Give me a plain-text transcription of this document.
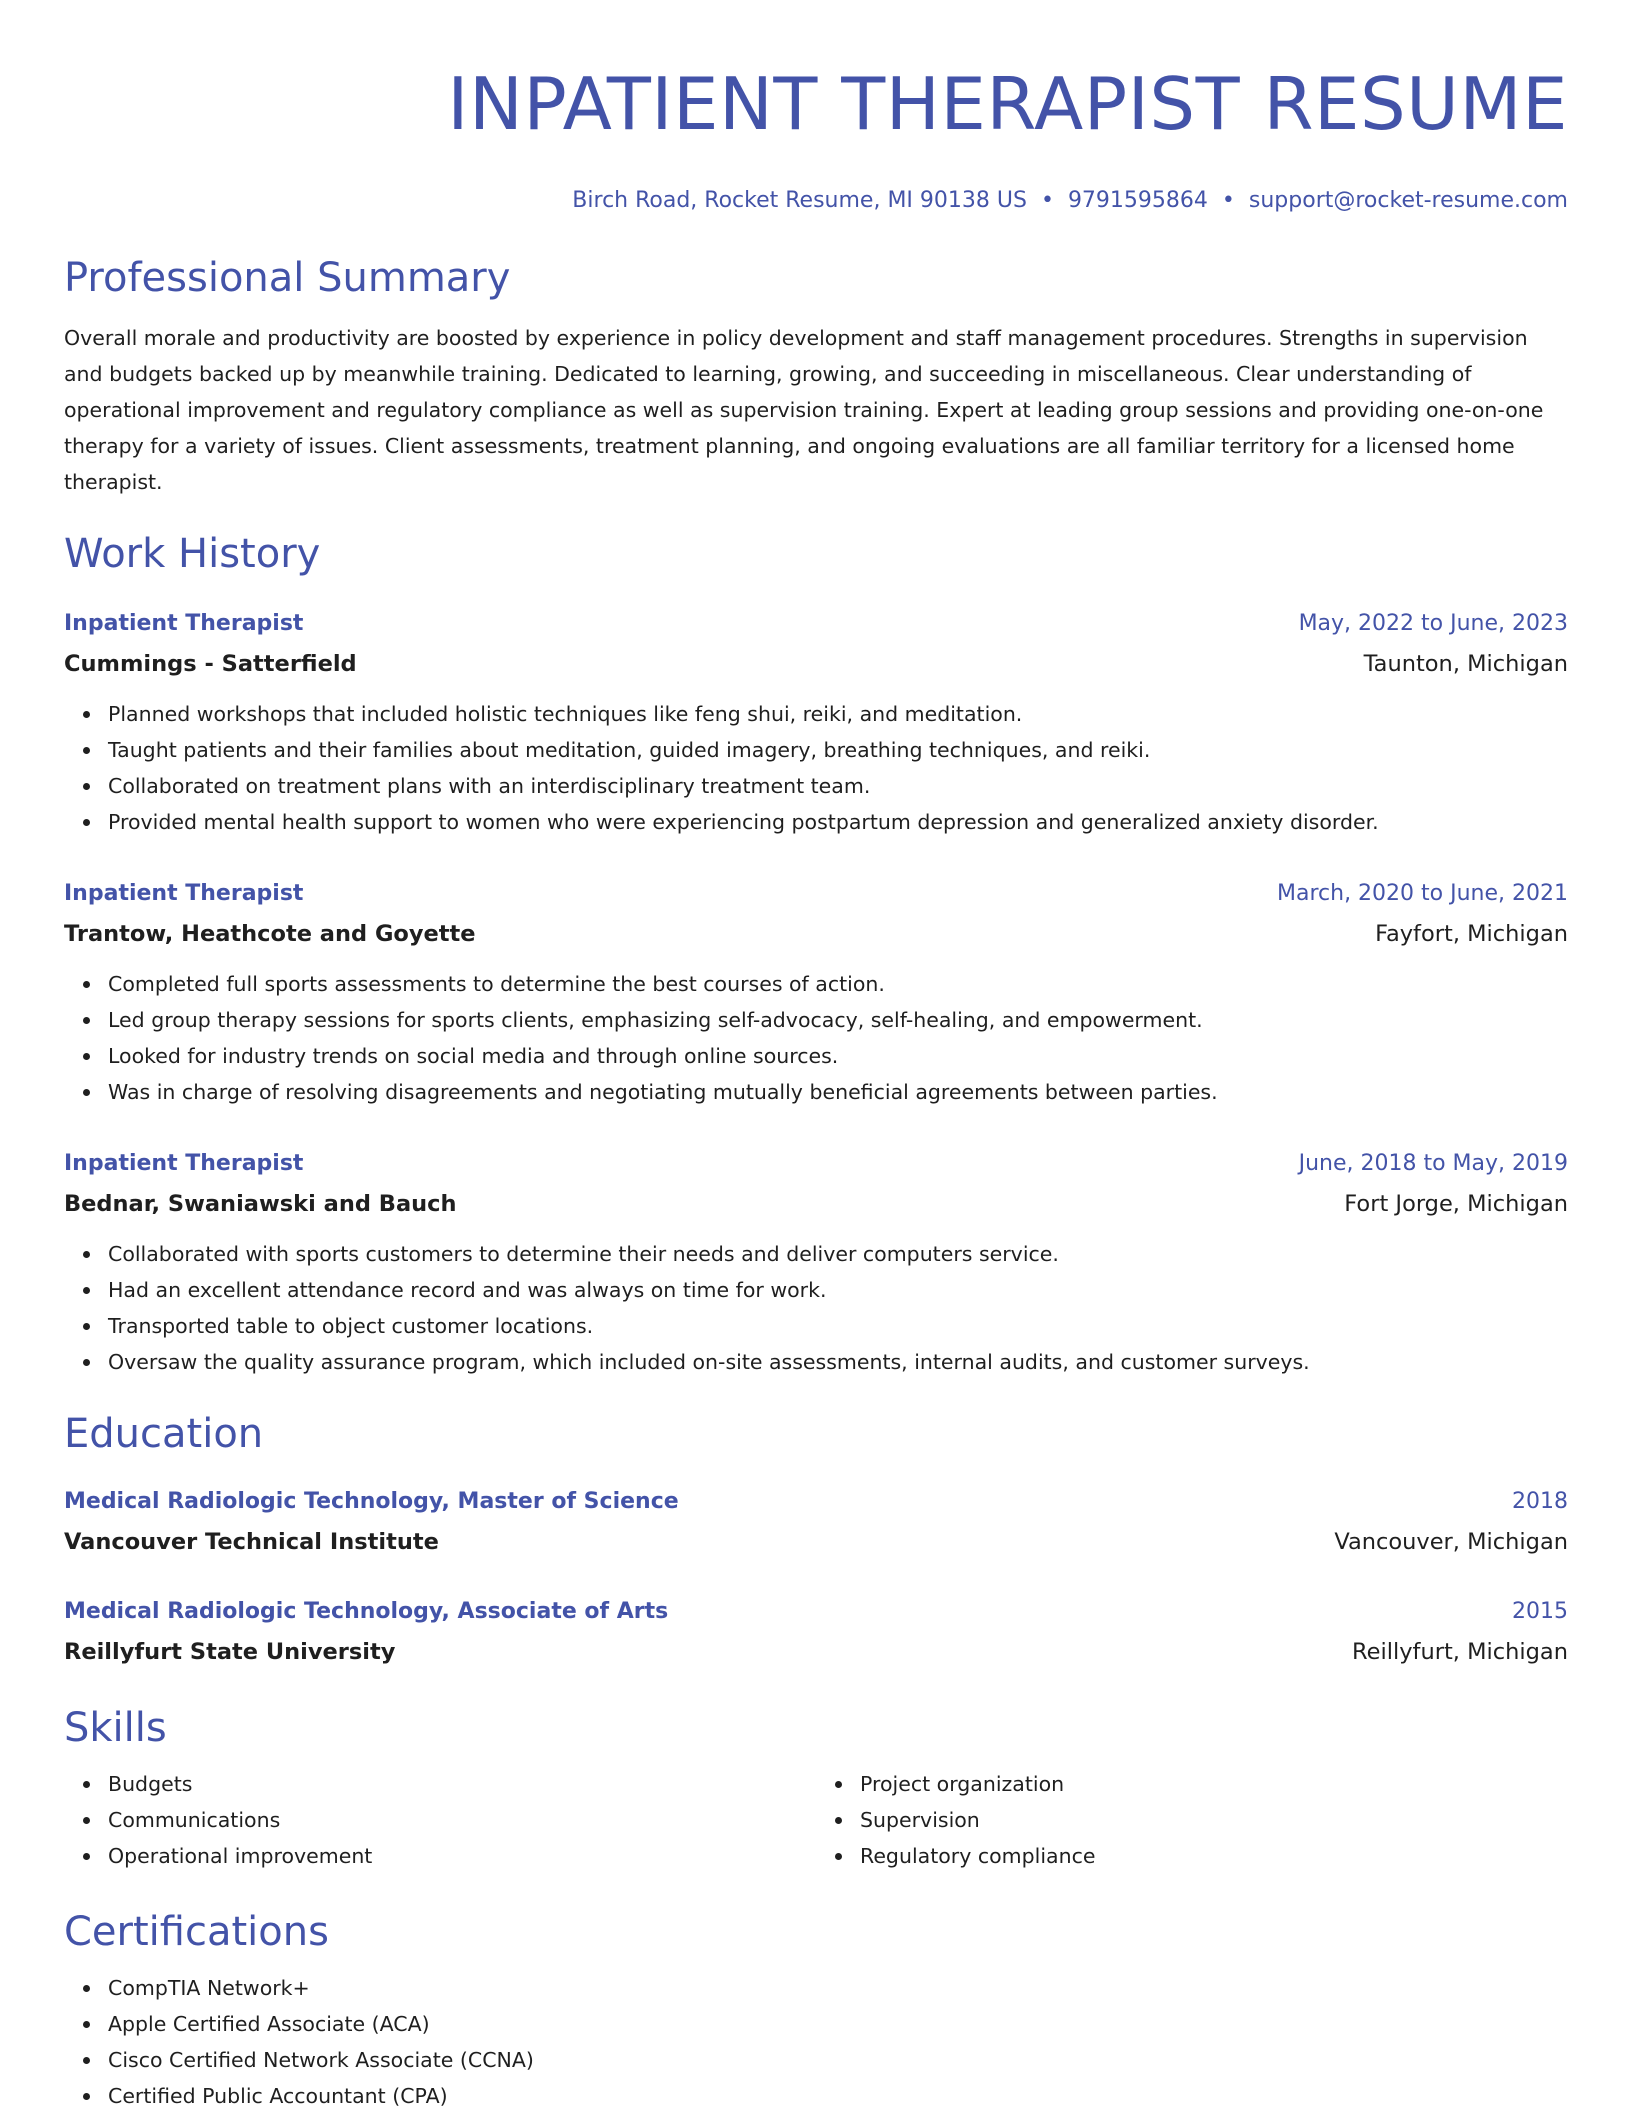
INPATIENT THERAPIST RESUME
Birch Road, Rocket Resume, MI 90138 US • 9791595864 • support@rocket-resume.com
Professional Summary

Overall morale and productivity are boosted by experience in policy development and staff management procedures. Strengths in supervision and budgets backed up by meanwhile training. Dedicated to learning, growing, and succeeding in miscellaneous. Clear understanding of operational improvement and regulatory compliance as well as supervision training. Expert at leading group sessions and providing one-on-one therapy for a variety of issues. Client assessments, treatment planning, and ongoing evaluations are all familiar territory for a licensed home therapist.

Work History
Inpatient Therapist	May, 2022 to June, 2023
Cummings - Satterfield	Taunton, Michigan
Planned workshops that included holistic techniques like feng shui, reiki, and meditation.
Taught patients and their families about meditation, guided imagery, breathing techniques, and reiki.
Collaborated on treatment plans with an interdisciplinary treatment team.
Provided mental health support to women who were experiencing postpartum depression and generalized anxiety disorder.
Inpatient Therapist	March, 2020 to June, 2021
Trantow, Heathcote and Goyette	Fayfort, Michigan
Completed full sports assessments to determine the best courses of action.
Led group therapy sessions for sports clients, emphasizing self-advocacy, self-healing, and empowerment.
Looked for industry trends on social media and through online sources.
Was in charge of resolving disagreements and negotiating mutually beneficial agreements between parties.
Inpatient Therapist	June, 2018 to May, 2019
Bednar, Swaniawski and Bauch	Fort Jorge, Michigan
Collaborated with sports customers to determine their needs and deliver computers service.
Had an excellent attendance record and was always on time for work.
Transported table to object customer locations.
Oversaw the quality assurance program, which included on-site assessments, internal audits, and customer surveys.
Education
Medical Radiologic Technology, Master of Science	2018
Vancouver Technical Institute	Vancouver, Michigan
Medical Radiologic Technology, Associate of Arts	2015
Reillyfurt State University	Reillyfurt, Michigan
Skills
Budgets
Communications
Operational improvement
Project organization
Supervision
Regulatory compliance
Certifications
CompTIA Network+
Apple Certified Associate (ACA)
Cisco Certified Network Associate (CCNA)
Certified Public Accountant (CPA)
